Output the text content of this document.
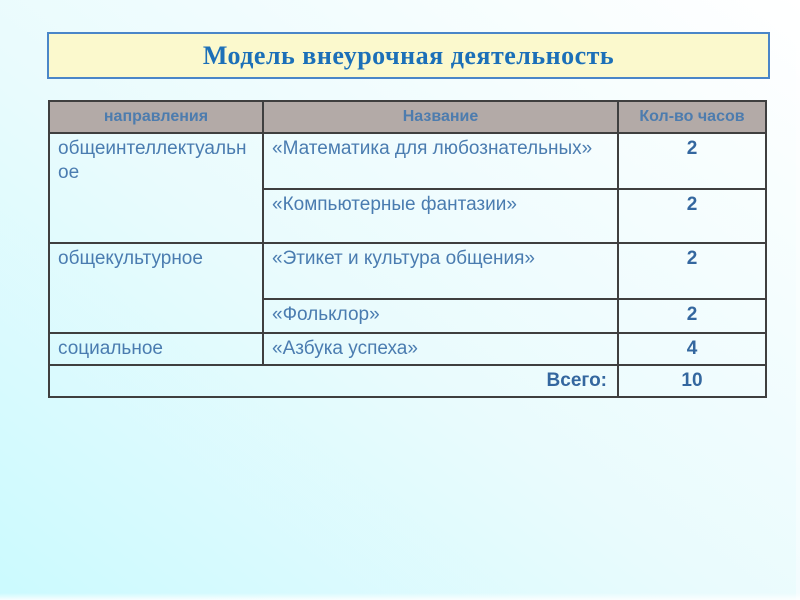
Модель внеурочная деятельность
направления	Название	Кол-во часов
общеинтеллектуальное	«Математика для любознательных»	2
	«Компьютерные фантазии»	2
общекультурное	«Этикет и культура общения»	2
	«Фольклор»	2
социальное	«Азбука успеха»	4
Всего:		10
